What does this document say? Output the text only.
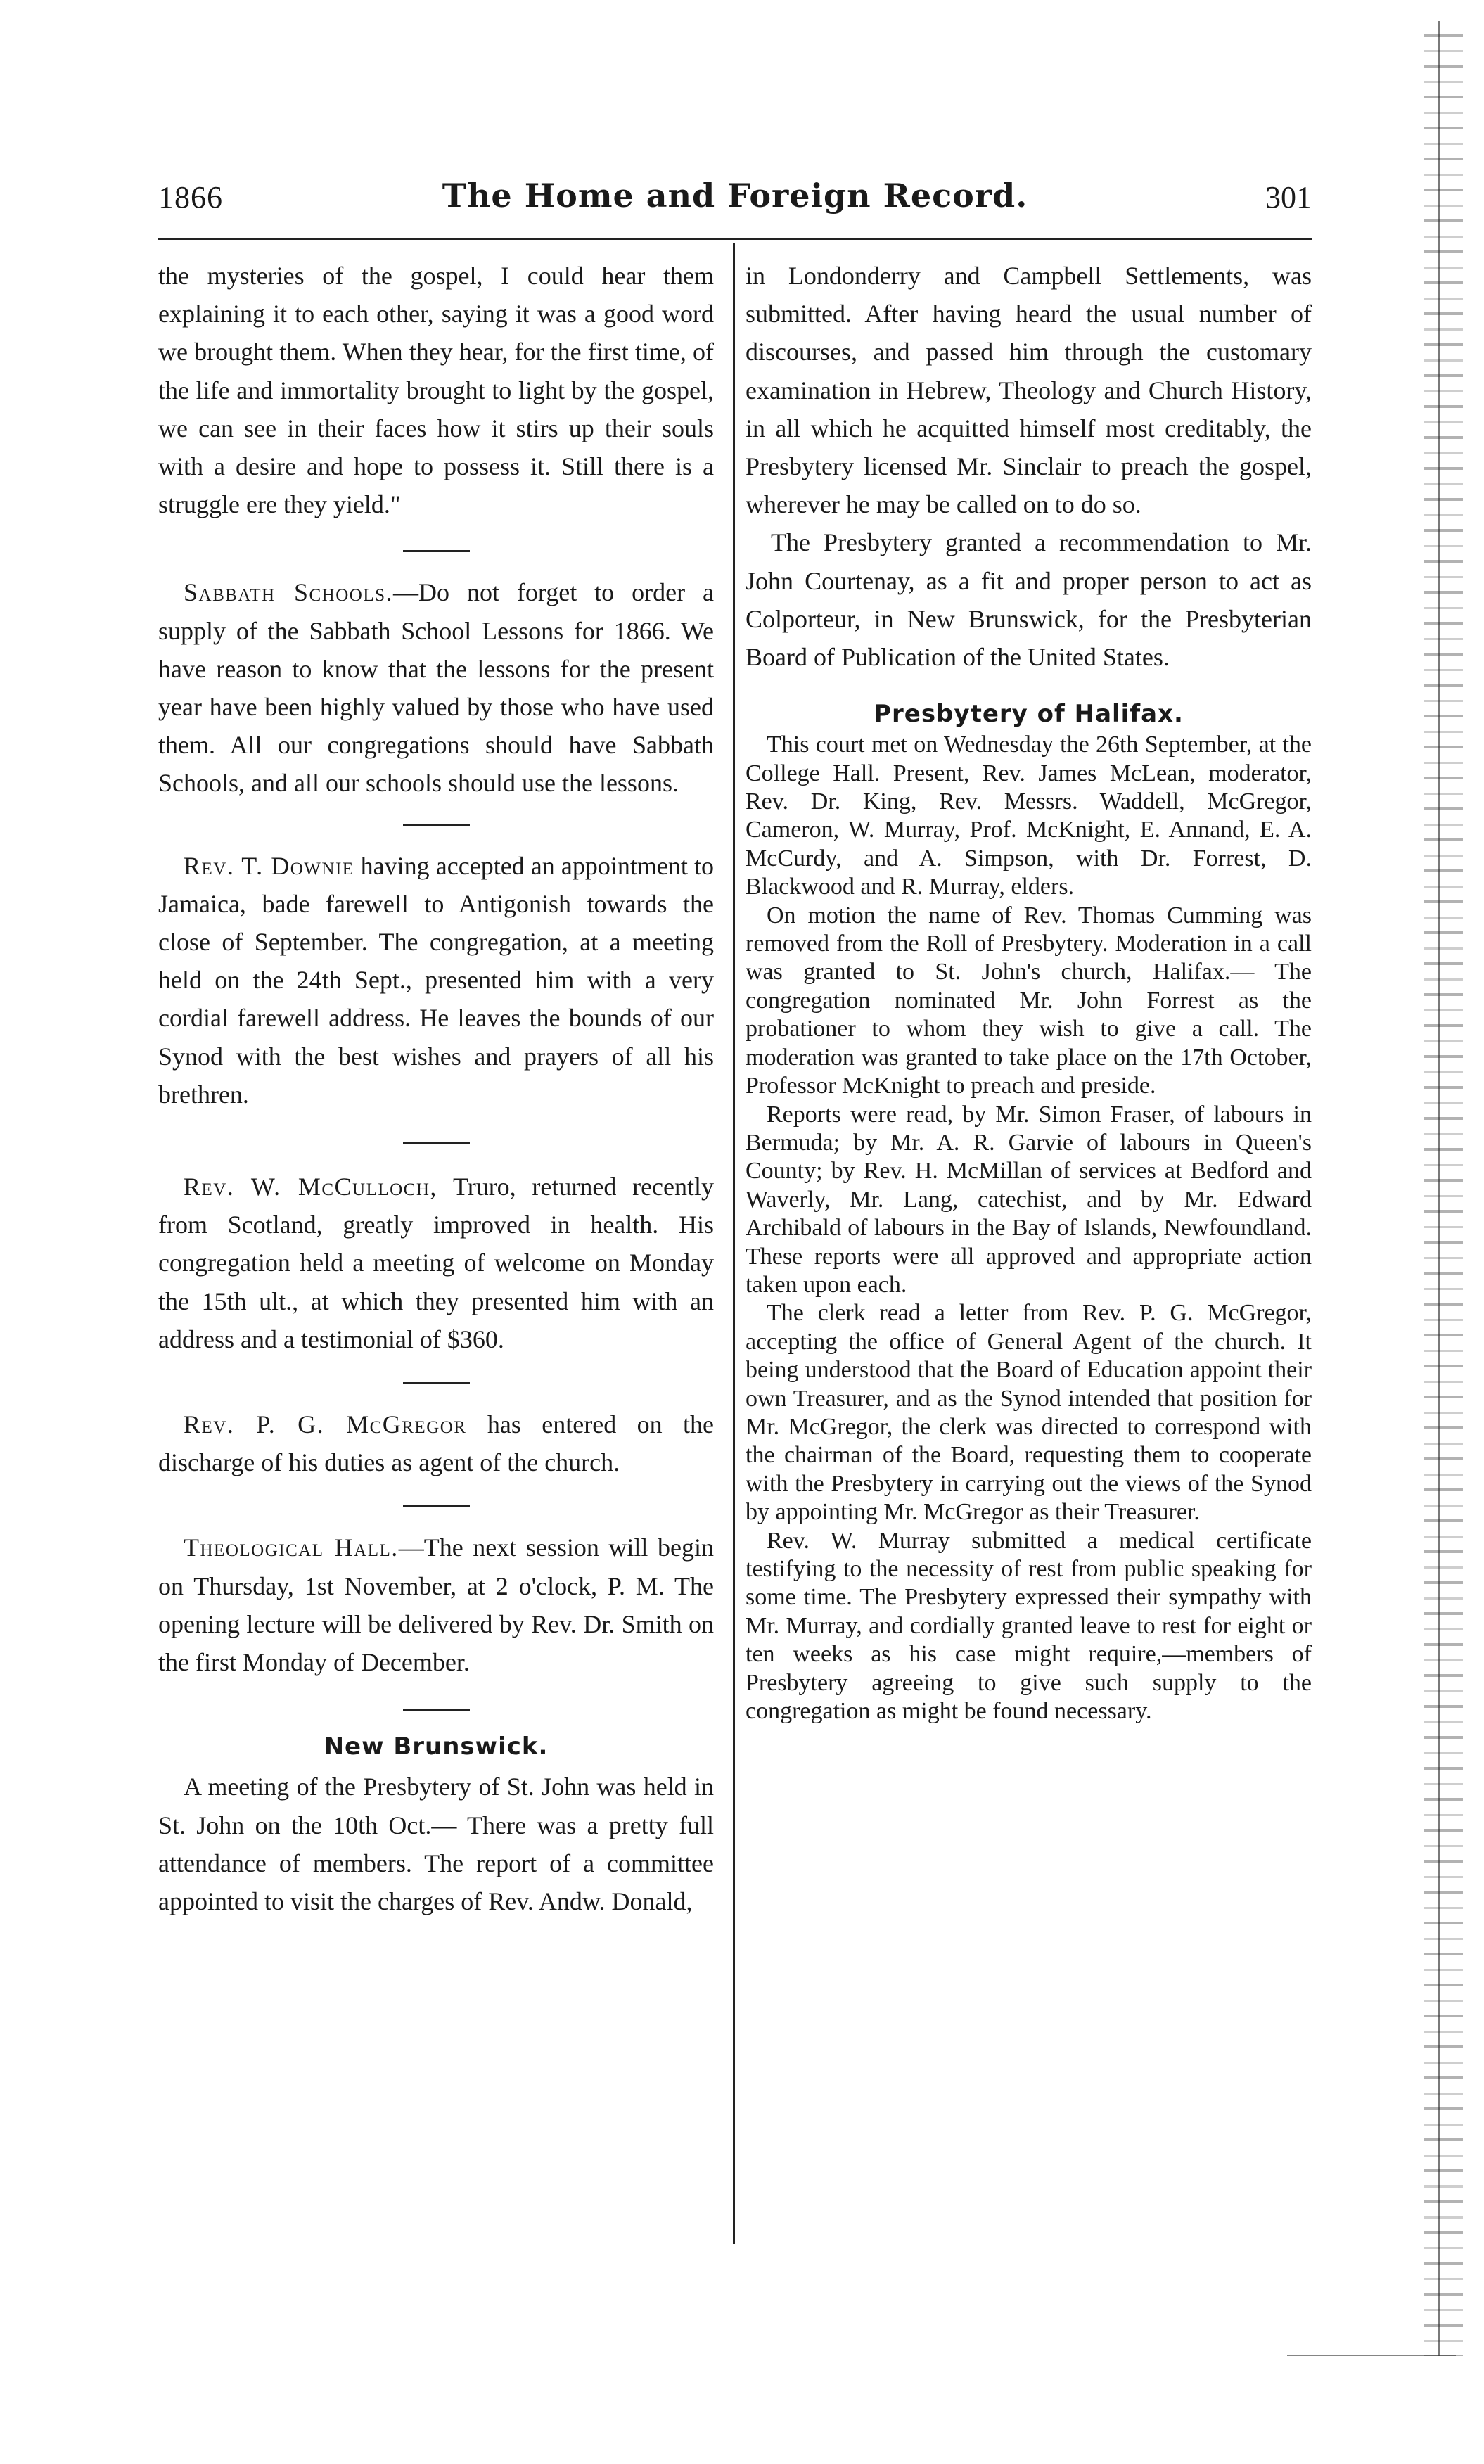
1866	The Home and Foreign Record.	301

the mysteries of the gospel, I could hear them explaining it to each other, saying it was a good word we brought them. When they hear, for the first time, of the life and immortality brought to light by the gospel, we can see in their faces how it stirs up their souls with a desire and hope to possess it. Still there is a struggle ere they yield."

Sabbath Schools.—Do not forget to order a supply of the Sabbath School Lessons for 1866. We have reason to know that the lessons for the present year have been highly valued by those who have used them. All our congregations should have Sabbath Schools, and all our schools should use the lessons.

Rev. T. Downie having accepted an appointment to Jamaica, bade farewell to Antigonish towards the close of September. The congregation, at a meeting held on the 24th Sept., presented him with a very cordial farewell address. He leaves the bounds of our Synod with the best wishes and prayers of all his brethren.

Rev. W. McCulloch, Truro, returned recently from Scotland, greatly improved in health. His congregation held a meeting of welcome on Monday the 15th ult., at which they presented him with an address and a testimonial of $360.

Rev. P. G. McGregor has entered on the discharge of his duties as agent of the church.

Theological Hall.—The next session will begin on Thursday, 1st November, at 2 o'clock, P. M. The opening lecture will be delivered by Rev. Dr. Smith on the first Monday of December.

New Brunswick.

A meeting of the Presbytery of St. John was held in St. John on the 10th Oct.— There was a pretty full attendance of members. The report of a committee appointed to visit the charges of Rev. Andw. Donald,

in Londonderry and Campbell Settlements, was submitted. After having heard the usual number of discourses, and passed him through the customary examination in Hebrew, Theology and Church History, in all which he acquitted himself most creditably, the Presbytery licensed Mr. Sinclair to preach the gospel, wherever he may be called on to do so.

The Presbytery granted a recommendation to Mr. John Courtenay, as a fit and proper person to act as Colporteur, in New Brunswick, for the Presbyterian Board of Publication of the United States.

Presbytery of Halifax.

This court met on Wednesday the 26th September, at the College Hall. Present, Rev. James McLean, moderator, Rev. Dr. King, Rev. Messrs. Waddell, McGregor, Cameron, W. Murray, Prof. McKnight, E. Annand, E. A. McCurdy, and A. Simpson, with Dr. Forrest, D. Blackwood and R. Murray, elders.

On motion the name of Rev. Thomas Cumming was removed from the Roll of Presbytery. Moderation in a call was granted to St. John's church, Halifax.— The congregation nominated Mr. John Forrest as the probationer to whom they wish to give a call. The moderation was granted to take place on the 17th October, Professor McKnight to preach and preside.

Reports were read, by Mr. Simon Fraser, of labours in Bermuda; by Mr. A. R. Garvie of labours in Queen's County; by Rev. H. McMillan of services at Bedford and Waverly, Mr. Lang, catechist, and by Mr. Edward Archibald of labours in the Bay of Islands, Newfoundland. These reports were all approved and appropriate action taken upon each.

The clerk read a letter from Rev. P. G. McGregor, accepting the office of General Agent of the church. It being understood that the Board of Education appoint their own Treasurer, and as the Synod intended that position for Mr. McGregor, the clerk was directed to correspond with the chairman of the Board, requesting them to cooperate with the Presbytery in carrying out the views of the Synod by appointing Mr. McGregor as their Treasurer.

Rev. W. Murray submitted a medical certificate testifying to the necessity of rest from public speaking for some time. The Presbytery expressed their sympathy with Mr. Murray, and cordially granted leave to rest for eight or ten weeks as his case might require,—members of Presbytery agreeing to give such supply to the congregation as might be found necessary.
